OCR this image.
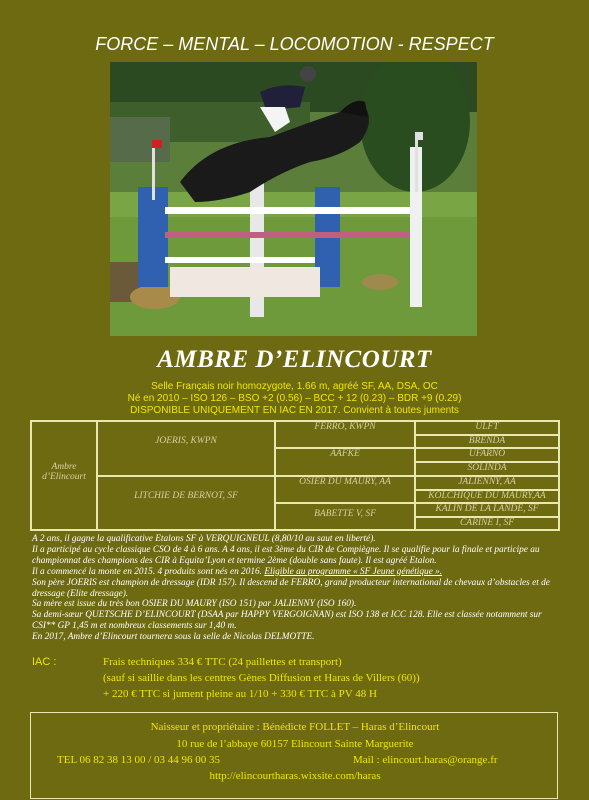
FORCE – MENTAL – LOCOMOTION - RESPECT
AMBRE D’ELINCOURT
Selle Français noir homozygote, 1.66 m, agréé SF, AA, DSA, OC
Né en 2010 – ISO 126 – BSO +2 (0.56) – BCC + 12 (0.23) – BDR +9 (0.29)
DISPONIBLE UNIQUEMENT EN IAC EN 2017. Convient à toutes juments
Ambre d’Elincourt
JOERIS, KWPN
LITCHIE DE BERNOT, SF
FERRO, KWPN
AAFKE
OSIER DU MAURY, AA
BABETTE V, SF
ULFT
BRENDA
UFARNO
SOLINDA
JALIENNY, AA
KOLCHIQUE DU MAURY,AA
KALIN DE LA LANDE, SF
CARINE I, SF

A 2 ans, il gagne la qualificative Etalons SF à VERQUIGNEUL (8,80/10 au saut en liberté).

Il a participé au cycle classique CSO de 4 à 6 ans. A 4 ans, il est 3ème du CIR de Compiègne. Il se qualifie pour la finale et participe au championnat des champions des CIR à Equita’Lyon et termine 2ème (double sans faute). Il est agréé Etalon.

Il a commencé la monte en 2015. 4 produits sont nés en 2016. Eligible au programme « SF Jeune génétique ».

Son père JOERIS est champion de dressage (IDR 157). Il descend de FERRO, grand producteur international de chevaux d’obstacles et de dressage (Elite dressage).

Sa mère est issue du très bon OSIER DU MAURY (ISO 151) par JALIENNY (ISO 160).

Sa demi-sœur QUETSCHE D’ELINCOURT (DSAA par HAPPY VERGOIGNAN) est ISO 138 et ICC 128. Elle est classée notamment sur CSI** GP 1,45 m et nombreux classements sur 1,40 m.

En 2017, Ambre d’Elincourt tournera sous la selle de Nicolas DELMOTTE.

IAC :	Frais techniques 334 € TTC (24 paillettes et transport)
(sauf si saillie dans les centres Gènes Diffusion et Haras de Villers (60))
+ 220 € TTC si jument pleine au 1/10 + 330 € TTC à PV 48 H
Naisseur et propriétaire : Bénédicte FOLLET – Haras d’Elincourt
10 rue de l’abbaye 60157 Elincourt Sainte Marguerite
TEL 06 82 38 13 00 / 03 44 96 00 35	Mail : elincourt.haras@orange.fr
http://elincourtharas.wixsite.com/haras
